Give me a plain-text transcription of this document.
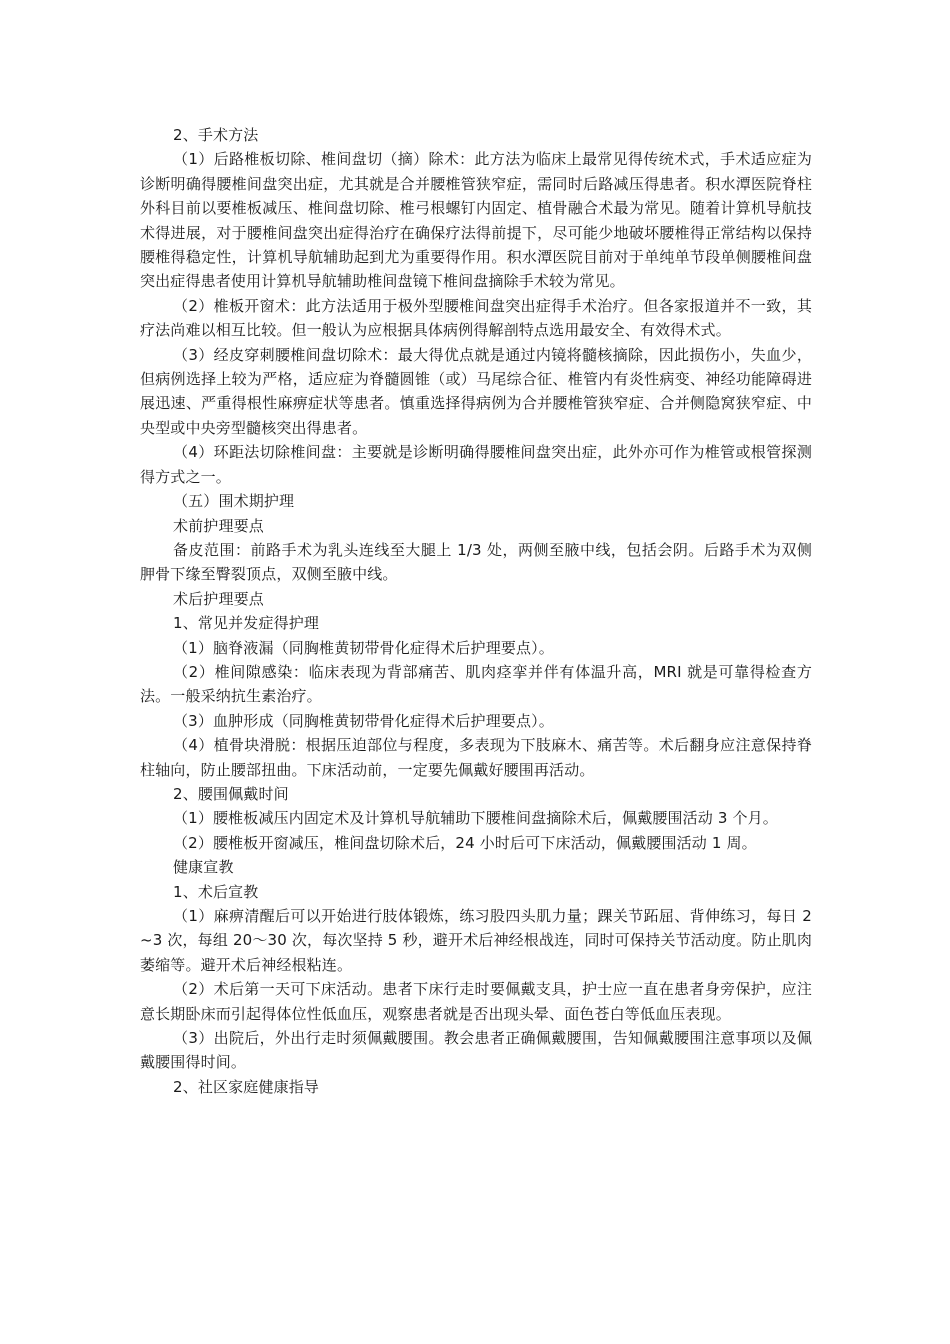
2、手术方法

（1）后路椎板切除、椎间盘切（摘）除术：此方法为临床上最常见得传统术式，手术适应症为诊断明确得腰椎间盘突出症，尤其就是合并腰椎管狭窄症，需同时后路减压得患者。积水潭医院脊柱外科目前以要椎板减压、椎间盘切除、椎弓根螺钉内固定、植骨融合术最为常见。随着计算机导航技术得进展，对于腰椎间盘突出症得治疗在确保疗法得前提下，尽可能少地破坏腰椎得正常结构以保持腰椎得稳定性，计算机导航辅助起到尤为重要得作用。积水潭医院目前对于单纯单节段单侧腰椎间盘突出症得患者使用计算机导航辅助椎间盘镜下椎间盘摘除手术较为常见。

（2）椎板开窗术：此方法适用于极外型腰椎间盘突出症得手术治疗。但各家报道并不一致，其疗法尚难以相互比较。但一般认为应根据具体病例得解剖特点选用最安全、有效得术式。

（3）经皮穿刺腰椎间盘切除术：最大得优点就是通过内镜将髓核摘除，因此损伤小，失血少，但病例选择上较为严格，适应症为脊髓圆锥（或）马尾综合征、椎管内有炎性病变、神经功能障碍进展迅速、严重得根性麻痹症状等患者。慎重选择得病例为合并腰椎管狭窄症、合并侧隐窝狭窄症、中央型或中央旁型髓核突出得患者。

（4）环距法切除椎间盘：主要就是诊断明确得腰椎间盘突出症，此外亦可作为椎管或根管探测得方式之一。

（五）围术期护理

术前护理要点

备皮范围：前路手术为乳头连线至大腿上 1/3 处，两侧至腋中线，包括会阴。后路手术为双侧胛骨下缘至臀裂顶点，双侧至腋中线。

术后护理要点

1、常见并发症得护理

（1）脑脊液漏（同胸椎黄韧带骨化症得术后护理要点）。

（2）椎间隙感染：临床表现为背部痛苦、肌肉痉挛并伴有体温升高，MRI 就是可靠得检查方法。一般采纳抗生素治疗。

（3）血肿形成（同胸椎黄韧带骨化症得术后护理要点）。

（4）植骨块滑脱：根据压迫部位与程度，多表现为下肢麻木、痛苦等。术后翻身应注意保持脊柱轴向，防止腰部扭曲。下床活动前，一定要先佩戴好腰围再活动。

2、腰围佩戴时间

（1）腰椎板减压内固定术及计算机导航辅助下腰椎间盘摘除术后，佩戴腰围活动 3 个月。

（2）腰椎板开窗减压，椎间盘切除术后，24 小时后可下床活动，佩戴腰围活动 1 周。

健康宣教

1、术后宣教

（1）麻痹清醒后可以开始进行肢体锻炼，练习股四头肌力量；踝关节跖屈、背伸练习，每日 2~3 次，每组 20～30 次，每次坚持 5 秒，避开术后神经根战连，同时可保持关节活动度。防止肌肉萎缩等。避开术后神经根粘连。

（2）术后第一天可下床活动。患者下床行走时要佩戴支具，护士应一直在患者身旁保护，应注意长期卧床而引起得体位性低血压，观察患者就是否出现头晕、面色苍白等低血压表现。

（3）出院后，外出行走时须佩戴腰围。教会患者正确佩戴腰围，告知佩戴腰围注意事项以及佩戴腰围得时间。

2、社区家庭健康指导
